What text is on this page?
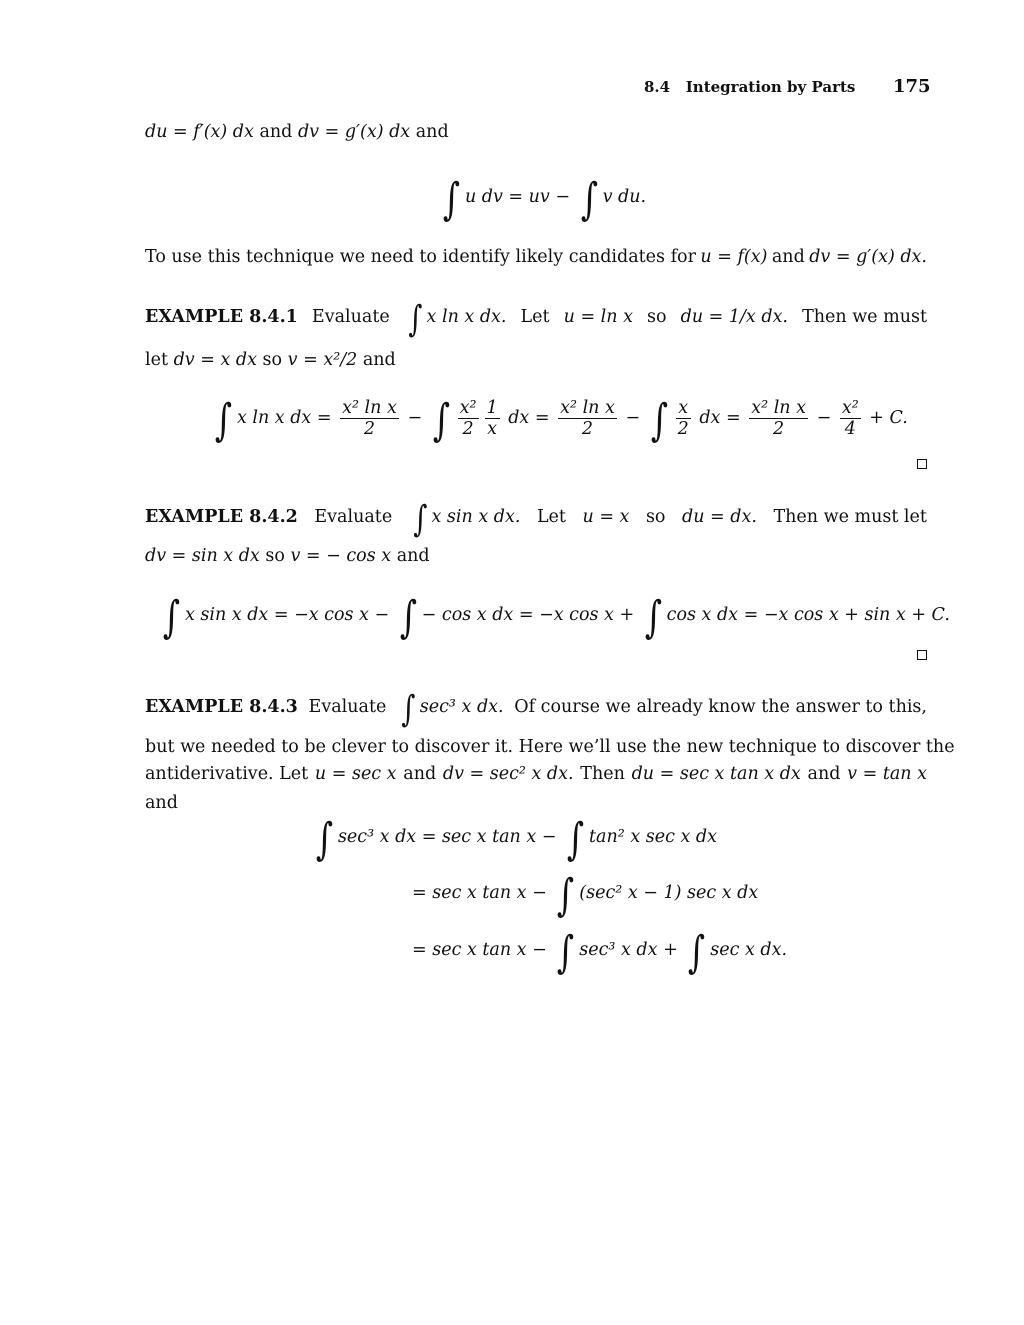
8.4 Integration by Parts 175
du = f′(x) dx and dv = g′(x) dx and
∫ u dv = uv − ∫ v du.
To use this technique we need to identify likely candidates for u = f(x) and dv = g′(x) dx.
EXAMPLE 8.4.1 Evaluate ∫ x ln x dx. Let u = ln x so du = 1/x dx. Then we must
let dv = x dx so v = x²/2 and
∫ x ln x dx = $\frac{\text{x² ln x}}{2}$ − ∫ $\frac{\text{x²}}{2} \frac{1}{x}$ dx = $\frac{\text{x² ln x}}{2}$ − ∫ $\frac{x}{2}$ dx = $\frac{\text{x² ln x}}{2} - \frac{\text{x²}}{4} + C$.
EXAMPLE 8.4.2 Evaluate ∫ x sin x dx. Let u = x so du = dx. Then we must let
dv = sin x dx so v = − cos x and
∫ x sin x dx = −x cos x − ∫ − cos x dx = −x cos x + ∫ cos x dx = −x cos x + sin x + C.
EXAMPLE 8.4.3 Evaluate ∫ sec³ x dx. Of course we already know the answer to this,
but we needed to be clever to discover it. Here we’ll use the new technique to discover the
antiderivative. Let u = sec x and dv = sec² x dx. Then du = sec x tan x dx and v = tan x
and
∫ sec³ x dx = sec x tan x − ∫ tan² x sec x dx
= sec x tan x − ∫ (sec² x − 1) sec x dx
= sec x tan x − ∫ sec³ x dx + ∫ sec x dx.
